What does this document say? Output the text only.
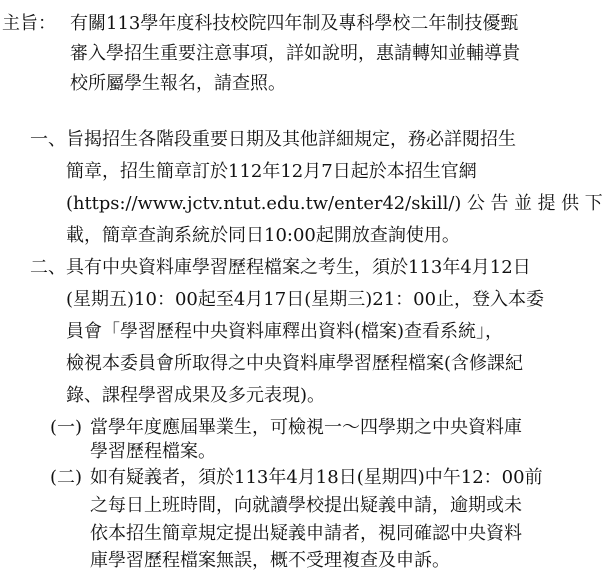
主旨： 有關113學年度科技校院四年制及專科學校二年制技優甄
審入學招生重要注意事項，詳如說明，惠請轉知並輔導貴
校所屬學生報名，請查照。
一、 旨揭招生各階段重要日期及其他詳細規定，務必詳閱招生
簡章，招生簡章訂於112年12月7日起於本招生官網
(https://www.jctv.ntut.edu.tw/enter42/skill/) 公 告 並 提 供 下
載，簡章查詢系統於同日10:00起開放查詢使用。
二、 具有中央資料庫學習歷程檔案之考生，須於113年4月12日
(星期五)10：00起至4月17日(星期三)21：00止，登入本委
員會「學習歷程中央資料庫釋出資料(檔案)查看系統」，
檢視本委員會所取得之中央資料庫學習歷程檔案(含修課紀
錄、課程學習成果及多元表現)。
(一) 當學年度應屆畢業生，可檢視一～四學期之中央資料庫
學習歷程檔案。
(二) 如有疑義者，須於113年4月18日(星期四)中午12：00前
之每日上班時間，向就讀學校提出疑義申請，逾期或未
依本招生簡章規定提出疑義申請者，視同確認中央資料
庫學習歷程檔案無誤，概不受理複查及申訴。
